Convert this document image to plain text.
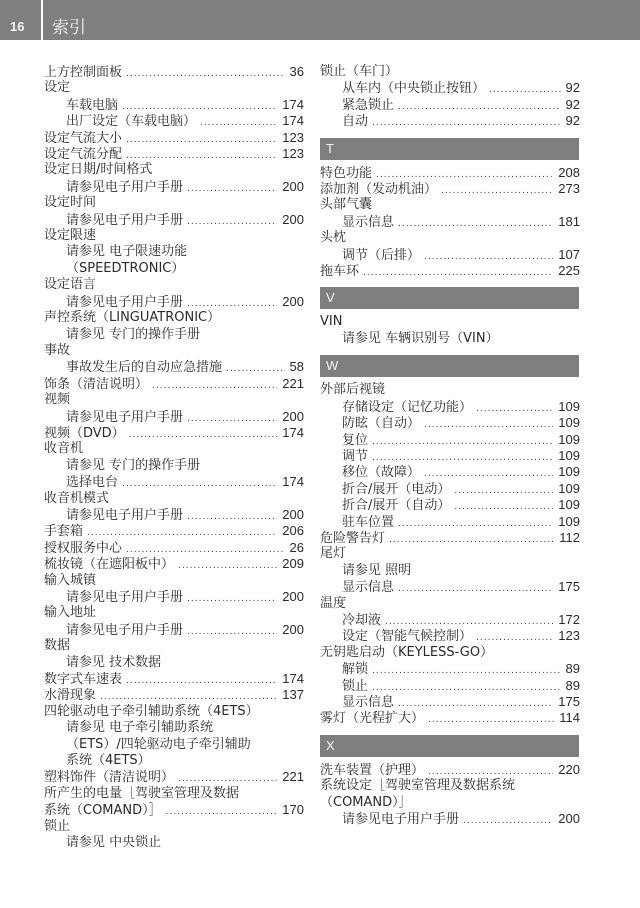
16 索引
上方控制面板 .....	36
设定
车载电脑 .....	174
出厂设定（车载电脑） .....	174
设定气流大小 .....	123
设定气流分配 .....	123
设定日期/时间格式
请参见电子用户手册 .....	200
设定时间
请参见电子用户手册 .....	200
设定限速
请参见 电子限速功能
（SPEEDTRONIC）
设定语言
请参见电子用户手册 .....	200
声控系统（LINGUATRONIC）
请参见 专门的操作手册
事故
事故发生后的自动应急措施 .....	58
饰条（清洁说明） .....	221
视频
请参见电子用户手册 .....	200
视频（DVD） .....	174
收音机
请参见 专门的操作手册
选择电台 .....	174
收音机模式
请参见电子用户手册 .....	200
手套箱 .....	206
授权服务中心 .....	26
梳妆镜（在遮阳板中） .....	209
输入城镇
请参见电子用户手册 .....	200
输入地址
请参见电子用户手册 .....	200
数据
请参见 技术数据
数字式车速表 .....	174
水滑现象 .....	137
四轮驱动电子牵引辅助系统（4ETS）
请参见 电子牵引辅助系统
（ETS）/四轮驱动电子牵引辅助
系统（4ETS）
塑料饰件（清洁说明） .....	221
所产生的电量［驾驶室管理及数据
系统（COMAND）］ .....	170
锁止
请参见 中央锁止
锁止（车门）
从车内（中央锁止按钮） .....	92
紧急锁止 .....	92
自动 .....	92
T
特色功能 .....	208
添加剂（发动机油） .....	273
头部气囊
显示信息 .....	181
头枕
调节（后排） .....	107
拖车环 .....	225
V
VIN
请参见 车辆识别号（VIN）
W
外部后视镜
存储设定（记忆功能） .....	109
防眩（自动） .....	109
复位 .....	109
调节 .....	109
移位（故障） .....	109
折合/展开（电动） .....	109
折合/展开（自动） .....	109
驻车位置 .....	109
危险警告灯 .....	112
尾灯
请参见 照明
显示信息 .....	175
温度
冷却液 .....	172
设定（智能气候控制） .....	123
无钥匙启动（KEYLESS-GO）
解锁 .....	89
锁止 .....	89
显示信息 .....	175
雾灯（光程扩大） .....	114
X
洗车装置（护理） .....	220
系统设定［驾驶室管理及数据系统
（COMAND）］
请参见电子用户手册 .....	200
